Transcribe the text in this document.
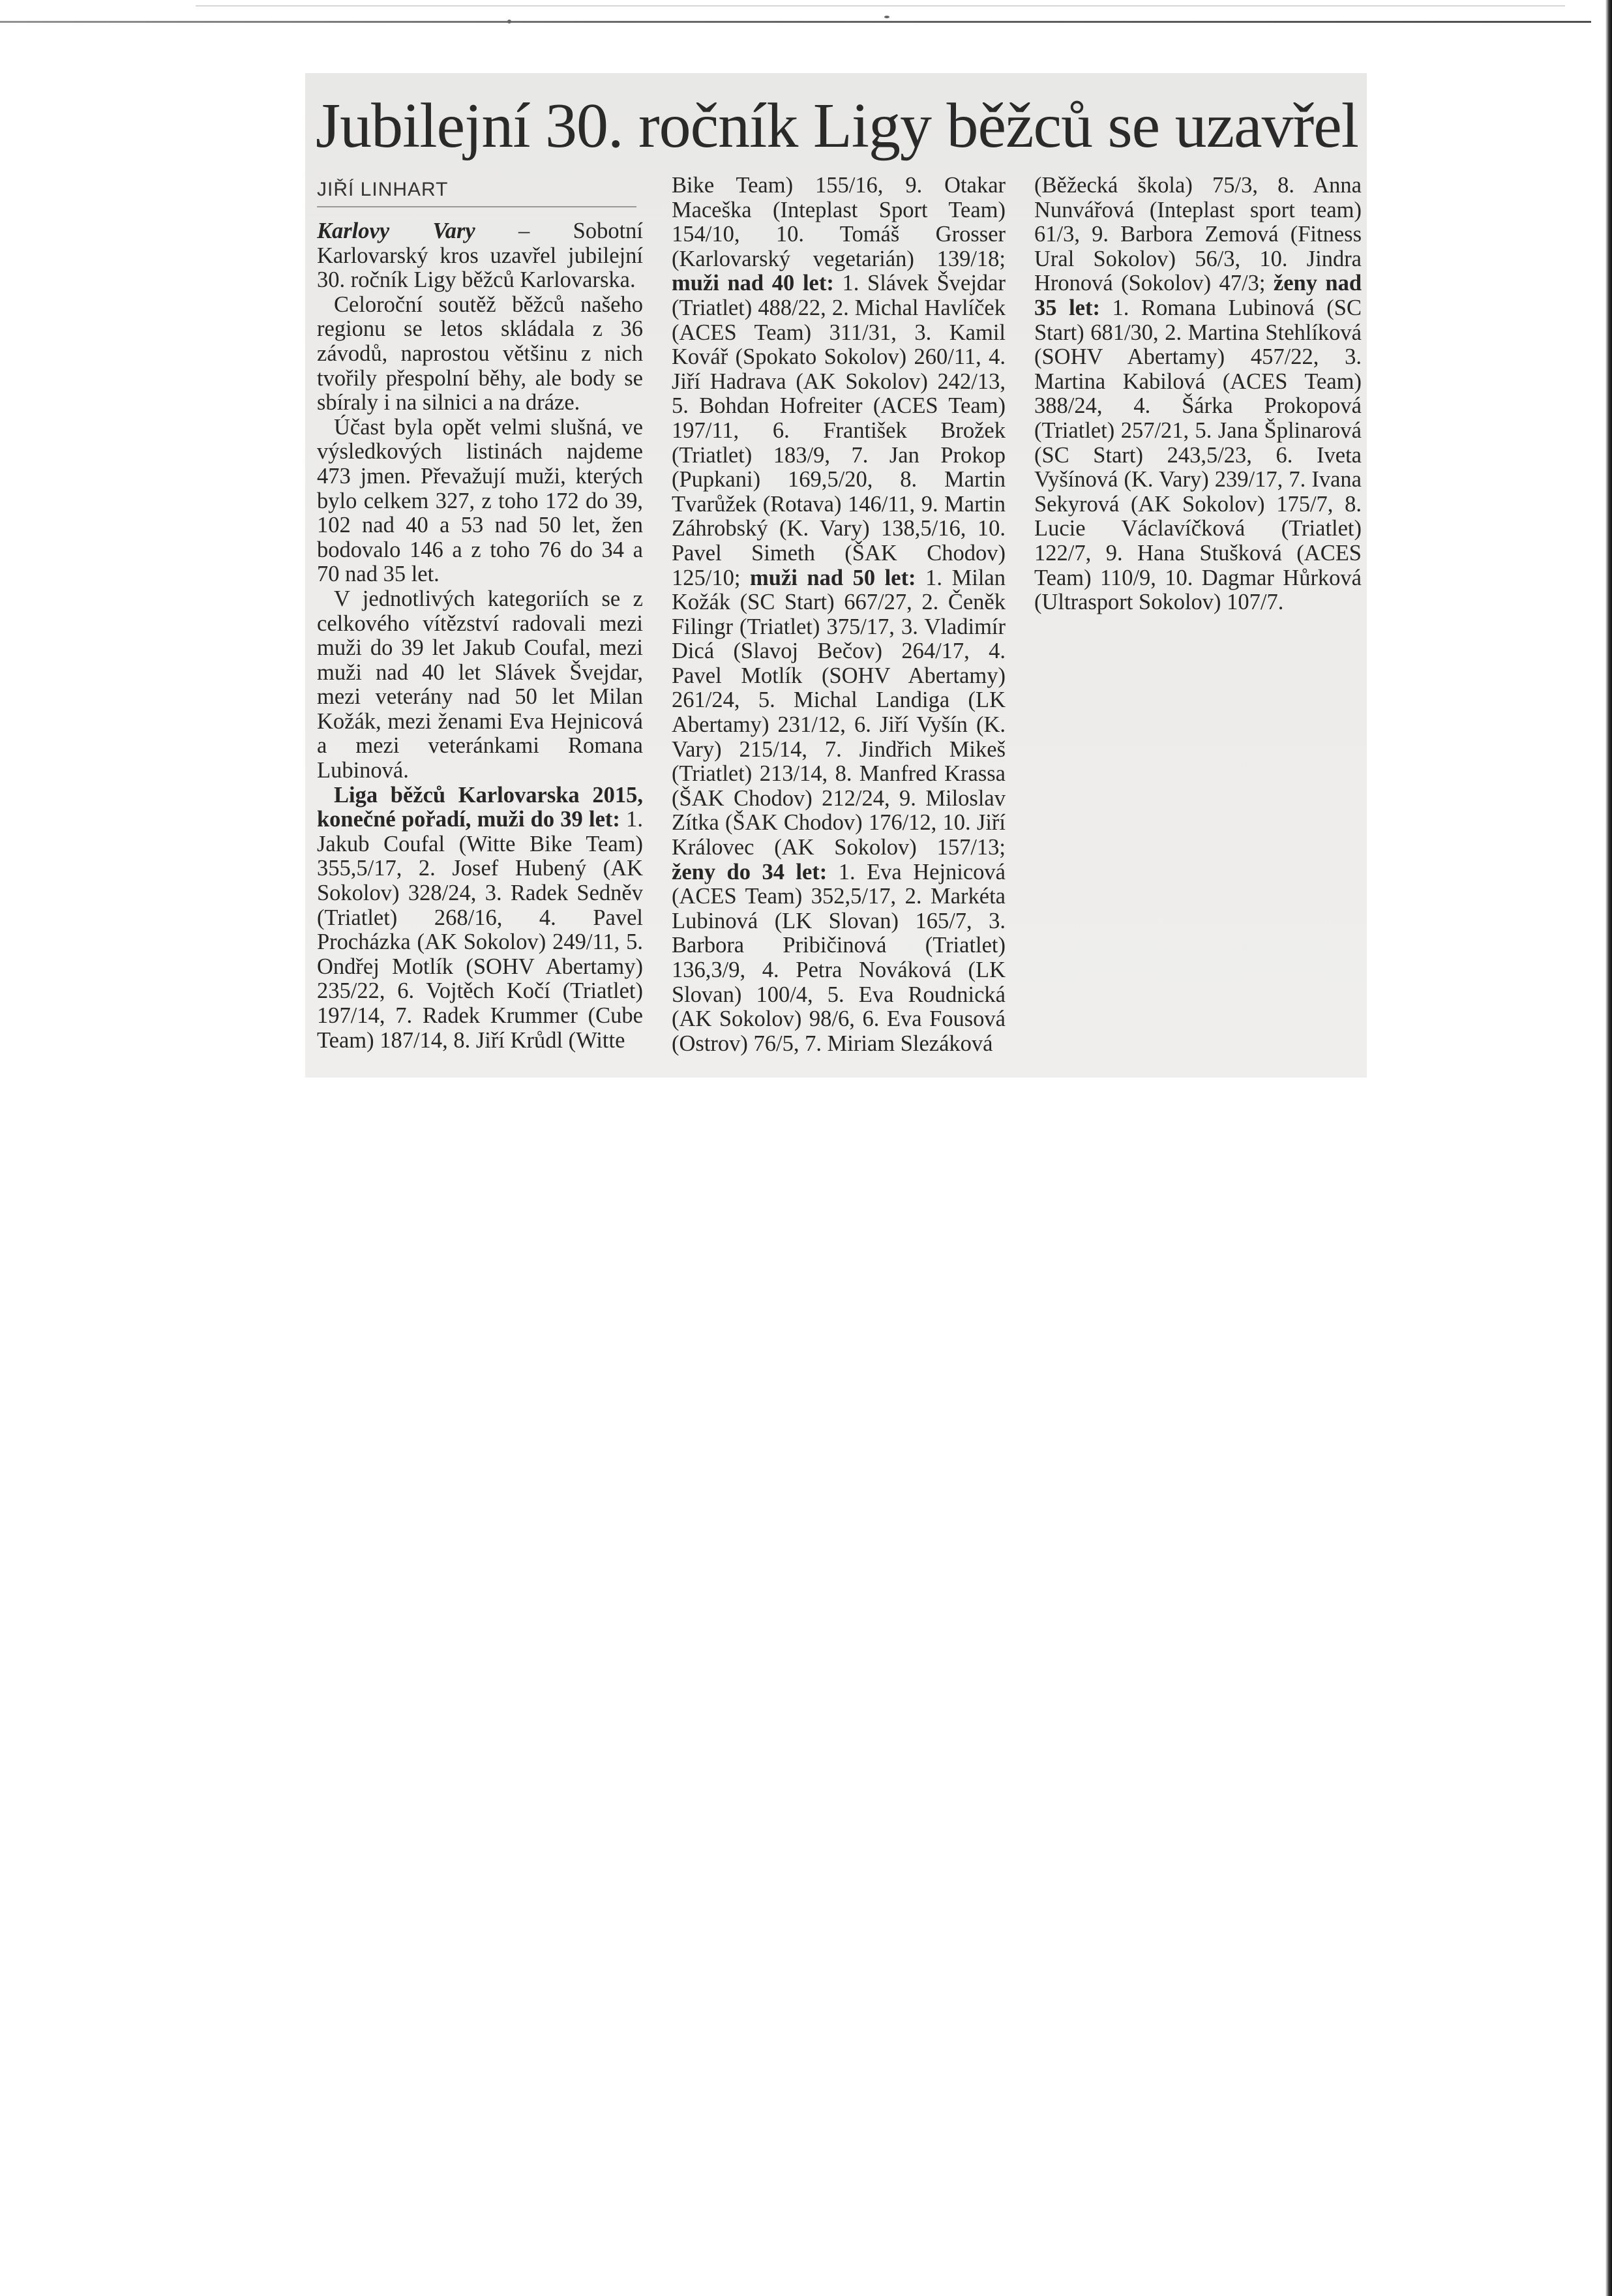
Jubilejní 30. ročník Ligy běžců se uzavřel
JIŘÍ LINHART

Karlovy Vary – Sobotní Karlovarský kros uzavřel jubilejní 30. ročník Ligy běžců Karlovarska.

Celoroční soutěž běžců našeho regionu se letos skládala z 36 závodů, naprostou většinu z nich tvořily přespolní běhy, ale body se sbíraly i na silnici a na dráze.

Účast byla opět velmi slušná, ve výsledkových listinách najdeme 473 jmen. Převažují muži, kterých bylo celkem 327, z toho 172 do 39, 102 nad 40 a 53 nad 50 let, žen bodovalo 146 a z toho 76 do 34 a 70 nad 35 let.

V jednotlivých kategoriích se z celkového vítězství radovali mezi muži do 39 let Jakub Coufal, mezi muži nad 40 let Slávek Švejdar, mezi veterány nad 50 let Milan Kožák, mezi ženami Eva Hejnicová a mezi veteránkami Romana Lubinová.

Liga běžců Karlovarska 2015, konečné pořadí, muži do 39 let: 1. Jakub Coufal (Witte Bike Team) 355,5/17, 2. Josef Hubený (AK Sokolov) 328/24, 3. Radek Sedněv (Triatlet) 268/16, 4. Pavel Procházka (AK Sokolov) 249/11, 5. Ondřej Motlík (SOHV Abertamy) 235/22, 6. Vojtěch Kočí (Triatlet) 197/14, 7. Radek Krummer (Cube Team) 187/14, 8. Jiří Krůdl (Witte

Bike Team) 155/16, 9. Otakar Maceška (Inteplast Sport Team) 154/10, 10. Tomáš Grosser (Karlovarský vegetarián) 139/18; muži nad 40 let: 1. Slávek Švejdar (Triatlet) 488/22, 2. Michal Havlíček (ACES Team) 311/31, 3. Kamil Kovář (Spokato Sokolov) 260/11, 4. Jiří Hadrava (AK Sokolov) 242/13, 5. Bohdan Hofreiter (ACES Team) 197/11, 6. František Brožek (Triatlet) 183/9, 7. Jan Prokop (Pupkani) 169,5/20, 8. Martin Tvarůžek (Rotava) 146/11, 9. Martin Záhrobský (K. Vary) 138,5/16, 10. Pavel Simeth (ŠAK Chodov) 125/10; muži nad 50 let: 1. Milan Kožák (SC Start) 667/27, 2. Čeněk Filingr (Triatlet) 375/17, 3. Vladimír Dicá (Slavoj Bečov) 264/17, 4. Pavel Motlík (SOHV Abertamy) 261/24, 5. Michal Landiga (LK Abertamy) 231/12, 6. Jiří Vyšín (K. Vary) 215/14, 7. Jindřich Mikeš (Triatlet) 213/14, 8. Manfred Krassa (ŠAK Chodov) 212/24, 9. Miloslav Zítka (ŠAK Chodov) 176/12, 10. Jiří Královec (AK Sokolov) 157/13; ženy do 34 let: 1. Eva Hejnicová (ACES Team) 352,5/17, 2. Markéta Lubinová (LK Slovan) 165/7, 3. Barbora Pribičinová (Triatlet) 136,3/9, 4. Petra Nováková (LK Slovan) 100/4, 5. Eva Roudnická (AK Sokolov) 98/6, 6. Eva Fousová (Ostrov) 76/5, 7. Miriam Slezáková

(Běžecká škola) 75/3, 8. Anna Nunvářová (Inteplast sport team) 61/3, 9. Barbora Zemová (Fitness Ural Sokolov) 56/3, 10. Jindra Hronová (Sokolov) 47/3; ženy nad 35 let: 1. Romana Lubinová (SC Start) 681/30, 2. Martina Stehlíková (SOHV Abertamy) 457/22, 3. Martina Kabilová (ACES Team) 388/24, 4. Šárka Prokopová (Triatlet) 257/21, 5. Jana Šplinarová (SC Start) 243,5/23, 6. Iveta Vyšínová (K. Vary) 239/17, 7. Ivana Sekyrová (AK Sokolov) 175/7, 8. Lucie Václavíčková (Triatlet) 122/7, 9. Hana Stušková (ACES Team) 110/9, 10. Dagmar Hůrková (Ultrasport Sokolov) 107/7.
